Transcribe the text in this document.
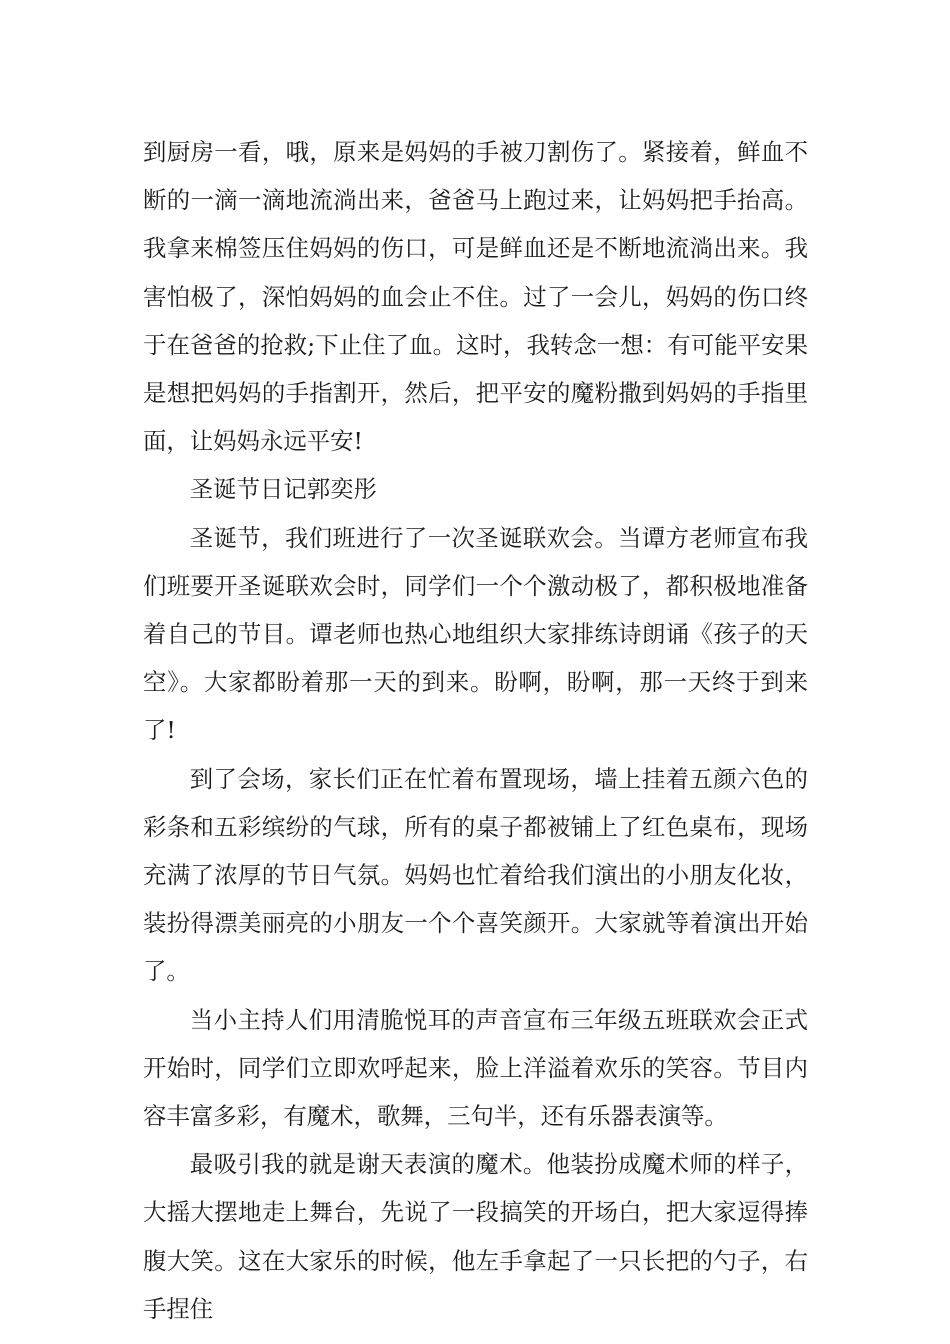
到厨房一看，哦，原来是妈妈的手被刀割伤了。紧接着，鲜血不断的一滴一滴地流淌出来，爸爸马上跑过来，让妈妈把手抬高。我拿来棉签压住妈妈的伤口，可是鲜血还是不断地流淌出来。我害怕极了，深怕妈妈的血会止不住。过了一会儿，妈妈的伤口终于在爸爸的抢救;下止住了血。这时，我转念一想：有可能平安果是想把妈妈的手指割开，然后，把平安的魔粉撒到妈妈的手指里面，让妈妈永远平安!

圣诞节日记郭奕彤

圣诞节，我们班进行了一次圣诞联欢会。当谭方老师宣布我们班要开圣诞联欢会时，同学们一个个激动极了，都积极地准备着自己的节目。谭老师也热心地组织大家排练诗朗诵《孩子的天空》。大家都盼着那一天的到来。盼啊，盼啊，那一天终于到来了!

到了会场，家长们正在忙着布置现场，墙上挂着五颜六色的彩条和五彩缤纷的气球，所有的桌子都被铺上了红色桌布，现场充满了浓厚的节日气氛。妈妈也忙着给我们演出的小朋友化妆，装扮得漂美丽亮的小朋友一个个喜笑颜开。大家就等着演出开始了。

当小主持人们用清脆悦耳的声音宣布三年级五班联欢会正式开始时，同学们立即欢呼起来，脸上洋溢着欢乐的笑容。节目内容丰富多彩，有魔术，歌舞，三句半，还有乐器表演等。

最吸引我的就是谢天表演的魔术。他装扮成魔术师的样子，大摇大摆地走上舞台，先说了一段搞笑的开场白，把大家逗得捧腹大笑。这在大家乐的时候，他左手拿起了一只长把的勺子，右手捏住
